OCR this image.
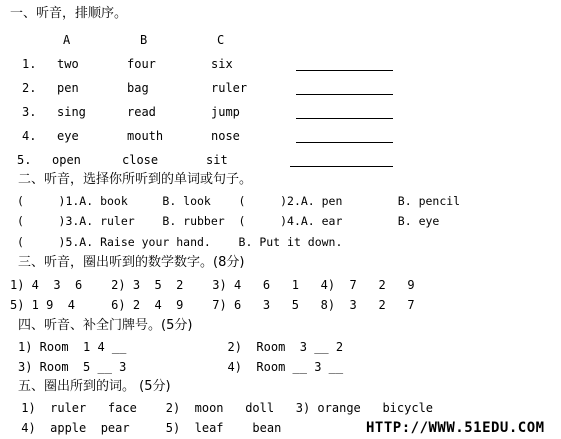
一、听音，排顺序。
A	B	C
1. two	four	six
2. pen	bag	ruler
3. sing	read	jump
4. eye	mouth	nose
5. open	close	sit
二、听音，选择你所听到的单词或句子。
(     )1.A. book     B. look    (     )2.A. pen        B. pencil
(     )3.A. ruler    B. rubber  (     )4.A. ear        B. eye
(     )5.A. Raise your hand.    B. Put it down.
三、听音，圈出听到的数学数字。(8分)
1) 4  3  6    2) 3  5  2    3) 4   6   1   4)  7   2   9
5) 1 9  4     6) 2  4  9    7) 6   3   5   8)  3   2   7
四、听音、补全门牌号。(5分)
1) Room  1 4 __              2)  Room  3 __ 2
3) Room  5 __ 3              4)  Room __ 3 __
五、圈出所到的词。 (5分)
1)  ruler   face    2)  moon   doll   3) orange   bicycle
4)  apple  pear     5)  leaf    bean	HTTP://WWW.51EDU.COM
